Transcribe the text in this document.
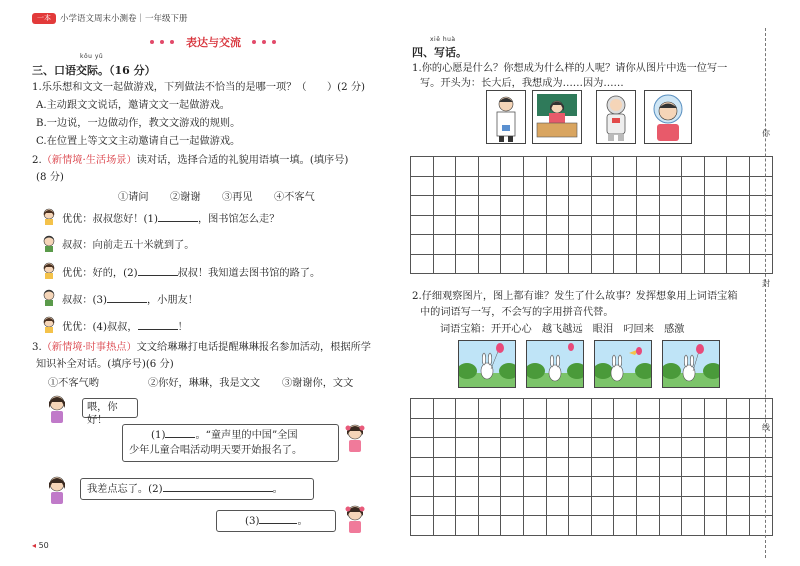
一本	小学语文周末小测卷｜一年级下册
表达与交流
kǒu yǔ
三、口语交际。（16 分）
1.乐乐想和文文一起做游戏，下列做法不恰当的是哪一项？（　　）(2 分)
A.主动跟文文说话，邀请文文一起做游戏。
B.一边说，一边做动作，教文文游戏的规则。
C.在位置上等文文主动邀请自己一起做游戏。
2.（新情境·生活场景）读对话，选择合适的礼貌用语填一填。(填序号)
(8 分)
①请问 ②谢谢 ③再见 ④不客气
优优：叔叔您好！(1)	，图书馆怎么走？
叔叔：向前走五十米就到了。
优优：好的，(2)	叔叔！我知道去图书馆的路了。
叔叔：(3)	，小朋友！
优优：(4)叔叔，	！
3.（新情境·时事热点）文文给琳琳打电话提醒琳琳报名参加活动，根据所学
知识补全对话。(填序号)(6 分)
①不客气哟	②你好，琳琳，我是文文 ③谢谢你，文文
喂，你好！
(1)	。“童声里的中国”全国
少年儿童合唱活动明天要开始报名了。
我差点忘了。(2)	。
(3)	。
◂ 50
xiě huà
四、写话。
1.你的心愿是什么？你想成为什么样的人呢？请你从图片中选一位写一
写。开头为：长大后，我想成为……因为……

2.仔细观察图片，图上都有谁？发生了什么故事？发挥想象用上词语宝箱
中的词语写一写，不会写的字用拼音代替。
词语宝箱：开开心心　越飞越远　眼泪　叼回来　感激

你
封
线
